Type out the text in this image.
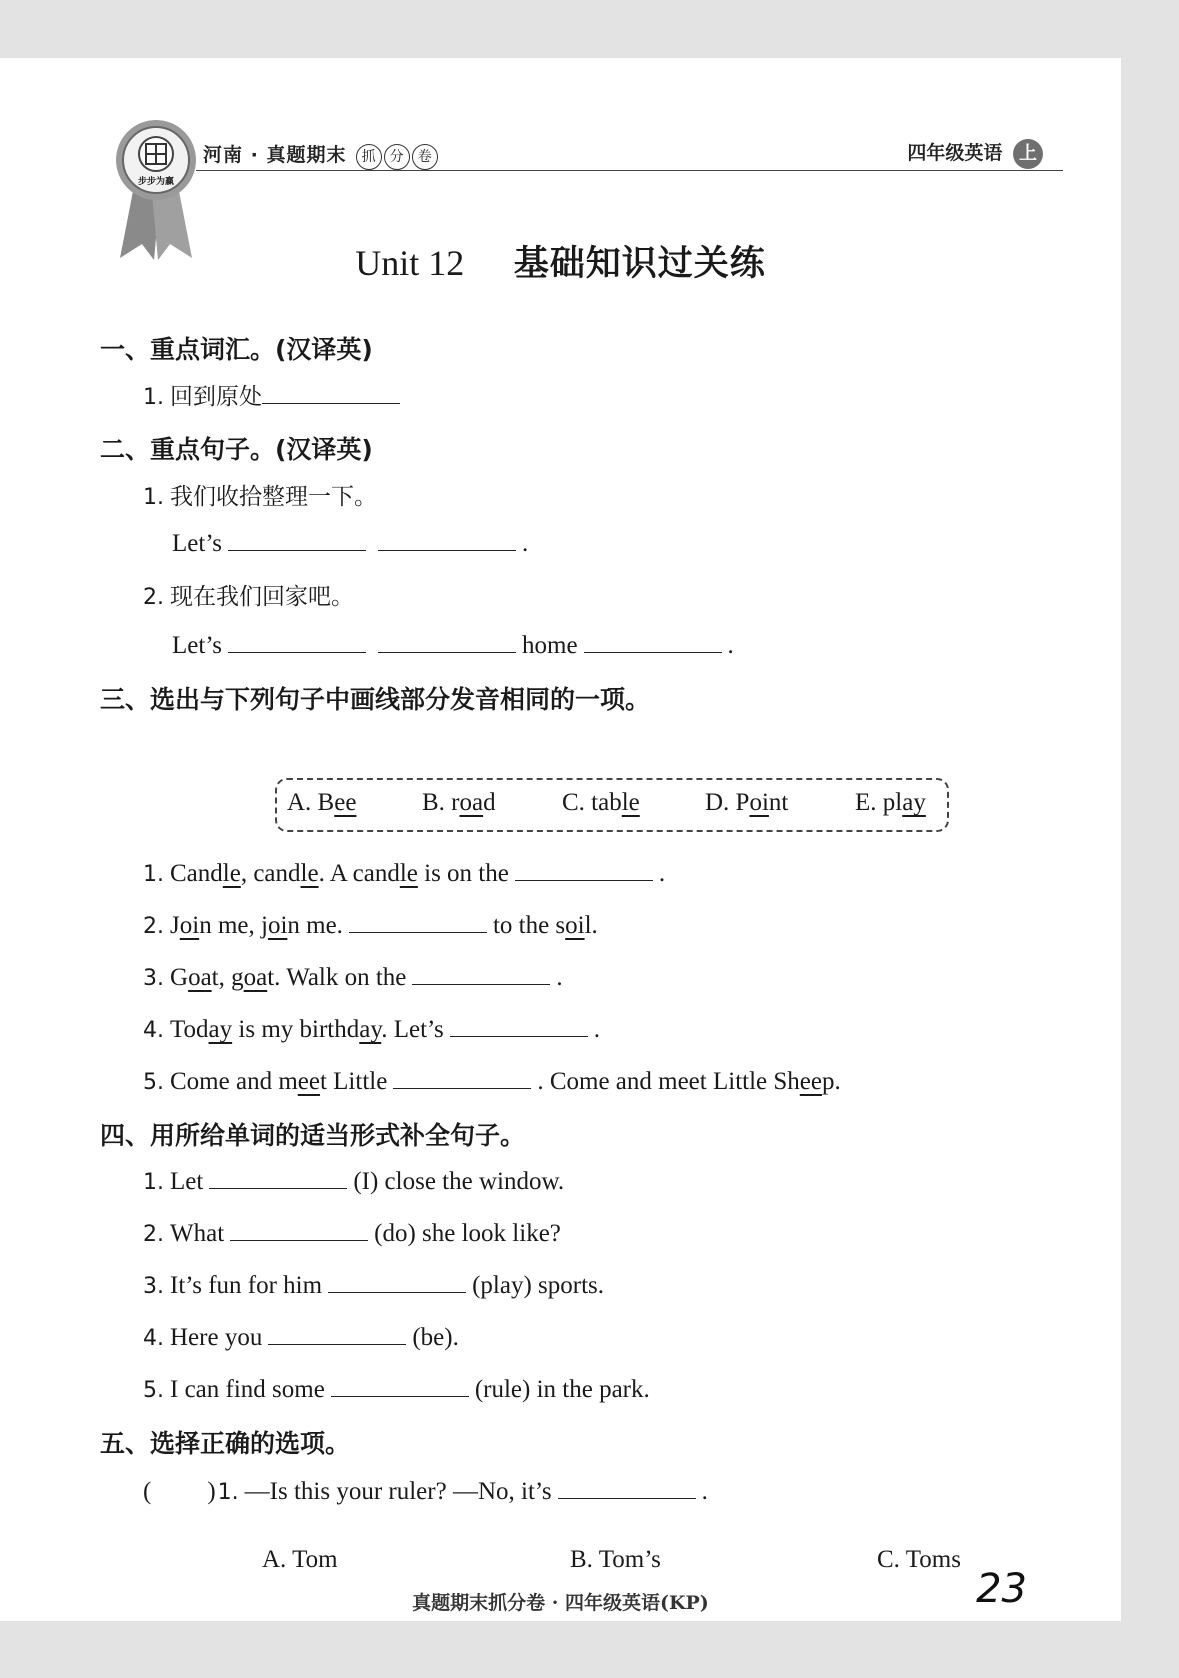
步步为赢
河南 · 真题期末 抓 分 卷	四年级英语 上
Unit 12 基础知识过关练
一、重点词汇。(汉译英)
1. 回到原处
二、重点句子。(汉译英)
1. 我们收拾整理一下。
Let’s	.
2. 现在我们回家吧。
Let’s	home	.
三、选出与下列句子中画线部分发音相同的一项。
A. Bee	B. road	C. table	D. Point	E. play
1. Candle, candle. A candle is on the	.
2. Join me, join me.	to the soil.
3. Goat, goat. Walk on the	.
4. Today is my birthday. Let’s	.
5. Come and meet Little	. Come and meet Little Sheep.
四、用所给单词的适当形式补全句子。
1. Let	(I) close the window.
2. What	(do) she look like?
3. It’s fun for him	(play) sports.
4. Here you	(be).
5. I can find some	(rule) in the park.
五、选择正确的选项。
( )1. —Is this your ruler? —No, it’s	.
A. Tom	B. Tom’s	C. Toms
真题期末抓分卷 · 四年级英语(KP)	23
